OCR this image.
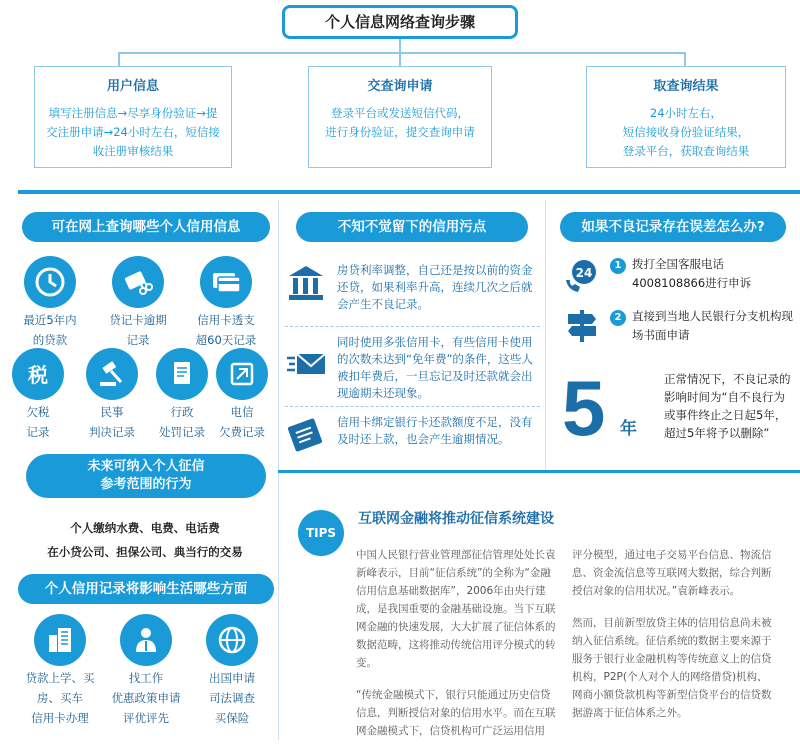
个人信息网络查询步骤
用户信息
填写注册信息→尽享身份验证→提
交注册申请→24小时左右，短信接
收注册审核结果
交查询申请
登录平台或发送短信代码，
进行身份验证，提交查询申请
取查询结果
24小时左右，
短信接收身份验证结果，
登录平台，获取查询结果
可在网上查询哪些个人信用信息
最近5年内
的贷款
贷记卡逾期
记录
信用卡透支
超60天记录
税
欠税
记录
民事
判决记录
行政
处罚记录
电信
欠费记录
未来可纳入个人征信
参考范围的行为
个人缴纳水费、电费、电话费
在小贷公司、担保公司、典当行的交易
个人信用记录将影响生活哪些方面
贷款上学、买
房、买车
信用卡办理
找工作
优惠政策申请
评优评先
出国申请
司法调查
买保险
不知不觉留下的信用污点
房贷利率调整，自己还是按以前的资金还贷，如果利率升高，连续几次之后就会产生不良记录。
同时使用多张信用卡，有些信用卡使用的次数未达到“免年费”的条件，这些人被扣年费后，一旦忘记及时还款就会出现逾期未还现象。
信用卡绑定银行卡还款额度不足，没有及时还上款，也会产生逾期情况。
如果不良记录存在误差怎么办?
24
1 拨打全国客服电话4008108866进行申诉
2 直接到当地人民银行分支机构现场书面申请
5 年
正常情况下，不良记录的影响时间为“自不良行为或事件终止之日起5年，超过5年将予以删除”
TIPS
互联网金融将推动征信系统建设

中国人民银行营业管理部征信管理处处长袁新峰表示，目前“征信系统”的全称为“金融信用信息基础数据库”，2006年由央行建成，是我国重要的金融基础设施。当下互联网金融的快速发展，大大扩展了征信体系的数据范畴，这将推动传统信用评分模式的转变。

“传统金融模式下，银行只能通过历史信贷信息，判断授信对象的信用水平。而在互联网金融模式下，信贷机构可广泛运用信用

评分模型，通过电子交易平台信息、物流信息、资金流信息等互联网大数据，综合判断授信对象的信用状况。”袁新峰表示。

然而，目前新型放贷主体的信用信息尚未被纳入征信系统。征信系统的数据主要来源于服务于银行业金融机构等传统意义上的信贷机构，P2P(个人对个人的网络借贷)机构、网商小额贷款机构等新型信贷平台的信贷数据游离于征信体系之外。
